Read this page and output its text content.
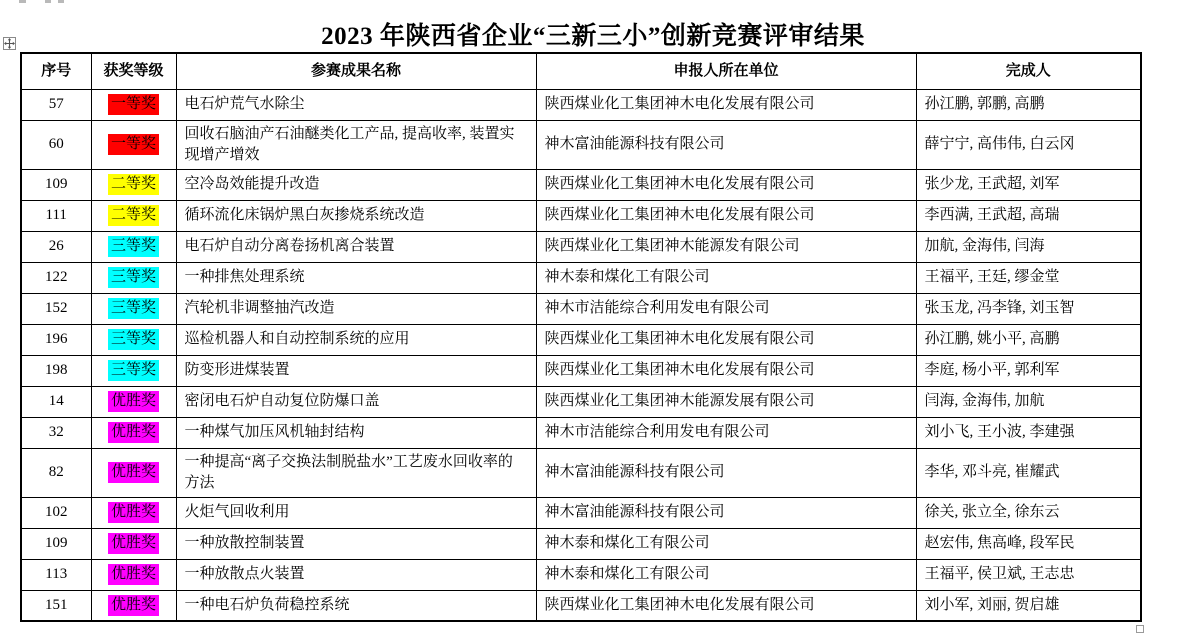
2023 年陕西省企业“三新三小”创新竞赛评审结果
序号	获奖等级	参赛成果名称	申报人所在单位	完成人
57	一等奖	电石炉荒气水除尘	陕西煤业化工集团神木电化发展有限公司	孙江鹏, 郭鹏, 高鹏
60	一等奖	回收石脑油产石油醚类化工产品, 提高收率, 装置实现增产增效	神木富油能源科技有限公司	薛宁宁, 高伟伟, 白云冈
109	二等奖	空冷岛效能提升改造	陕西煤业化工集团神木电化发展有限公司	张少龙, 王武超, 刘军
111	二等奖	循环流化床锅炉黑白灰掺烧系统改造	陕西煤业化工集团神木电化发展有限公司	李西满, 王武超, 高瑞
26	三等奖	电石炉自动分离卷扬机离合装置	陕西煤业化工集团神木能源发有限公司	加航, 金海伟, 闫海
122	三等奖	一种排焦处理系统	神木泰和煤化工有限公司	王福平, 王廷, 缪金堂
152	三等奖	汽轮机非调整抽汽改造	神木市洁能综合利用发电有限公司	张玉龙, 冯李锋, 刘玉智
196	三等奖	巡检机器人和自动控制系统的应用	陕西煤业化工集团神木电化发展有限公司	孙江鹏, 姚小平, 高鹏
198	三等奖	防变形进煤装置	陕西煤业化工集团神木电化发展有限公司	李庭, 杨小平, 郭利军
14	优胜奖	密闭电石炉自动复位防爆口盖	陕西煤业化工集团神木能源发展有限公司	闫海, 金海伟, 加航
32	优胜奖	一种煤气加压风机轴封结构	神木市洁能综合利用发电有限公司	刘小飞, 王小波, 李建强
82	优胜奖	一种提高“离子交换法制脱盐水”工艺废水回收率的方法	神木富油能源科技有限公司	李华, 邓斗亮, 崔耀武
102	优胜奖	火炬气回收利用	神木富油能源科技有限公司	徐关, 张立全, 徐东云
109	优胜奖	一种放散控制装置	神木泰和煤化工有限公司	赵宏伟, 焦高峰, 段军民
113	优胜奖	一种放散点火装置	神木泰和煤化工有限公司	王福平, 侯卫斌, 王志忠
151	优胜奖	一种电石炉负荷稳控系统	陕西煤业化工集团神木电化发展有限公司	刘小军, 刘丽, 贺启雄
